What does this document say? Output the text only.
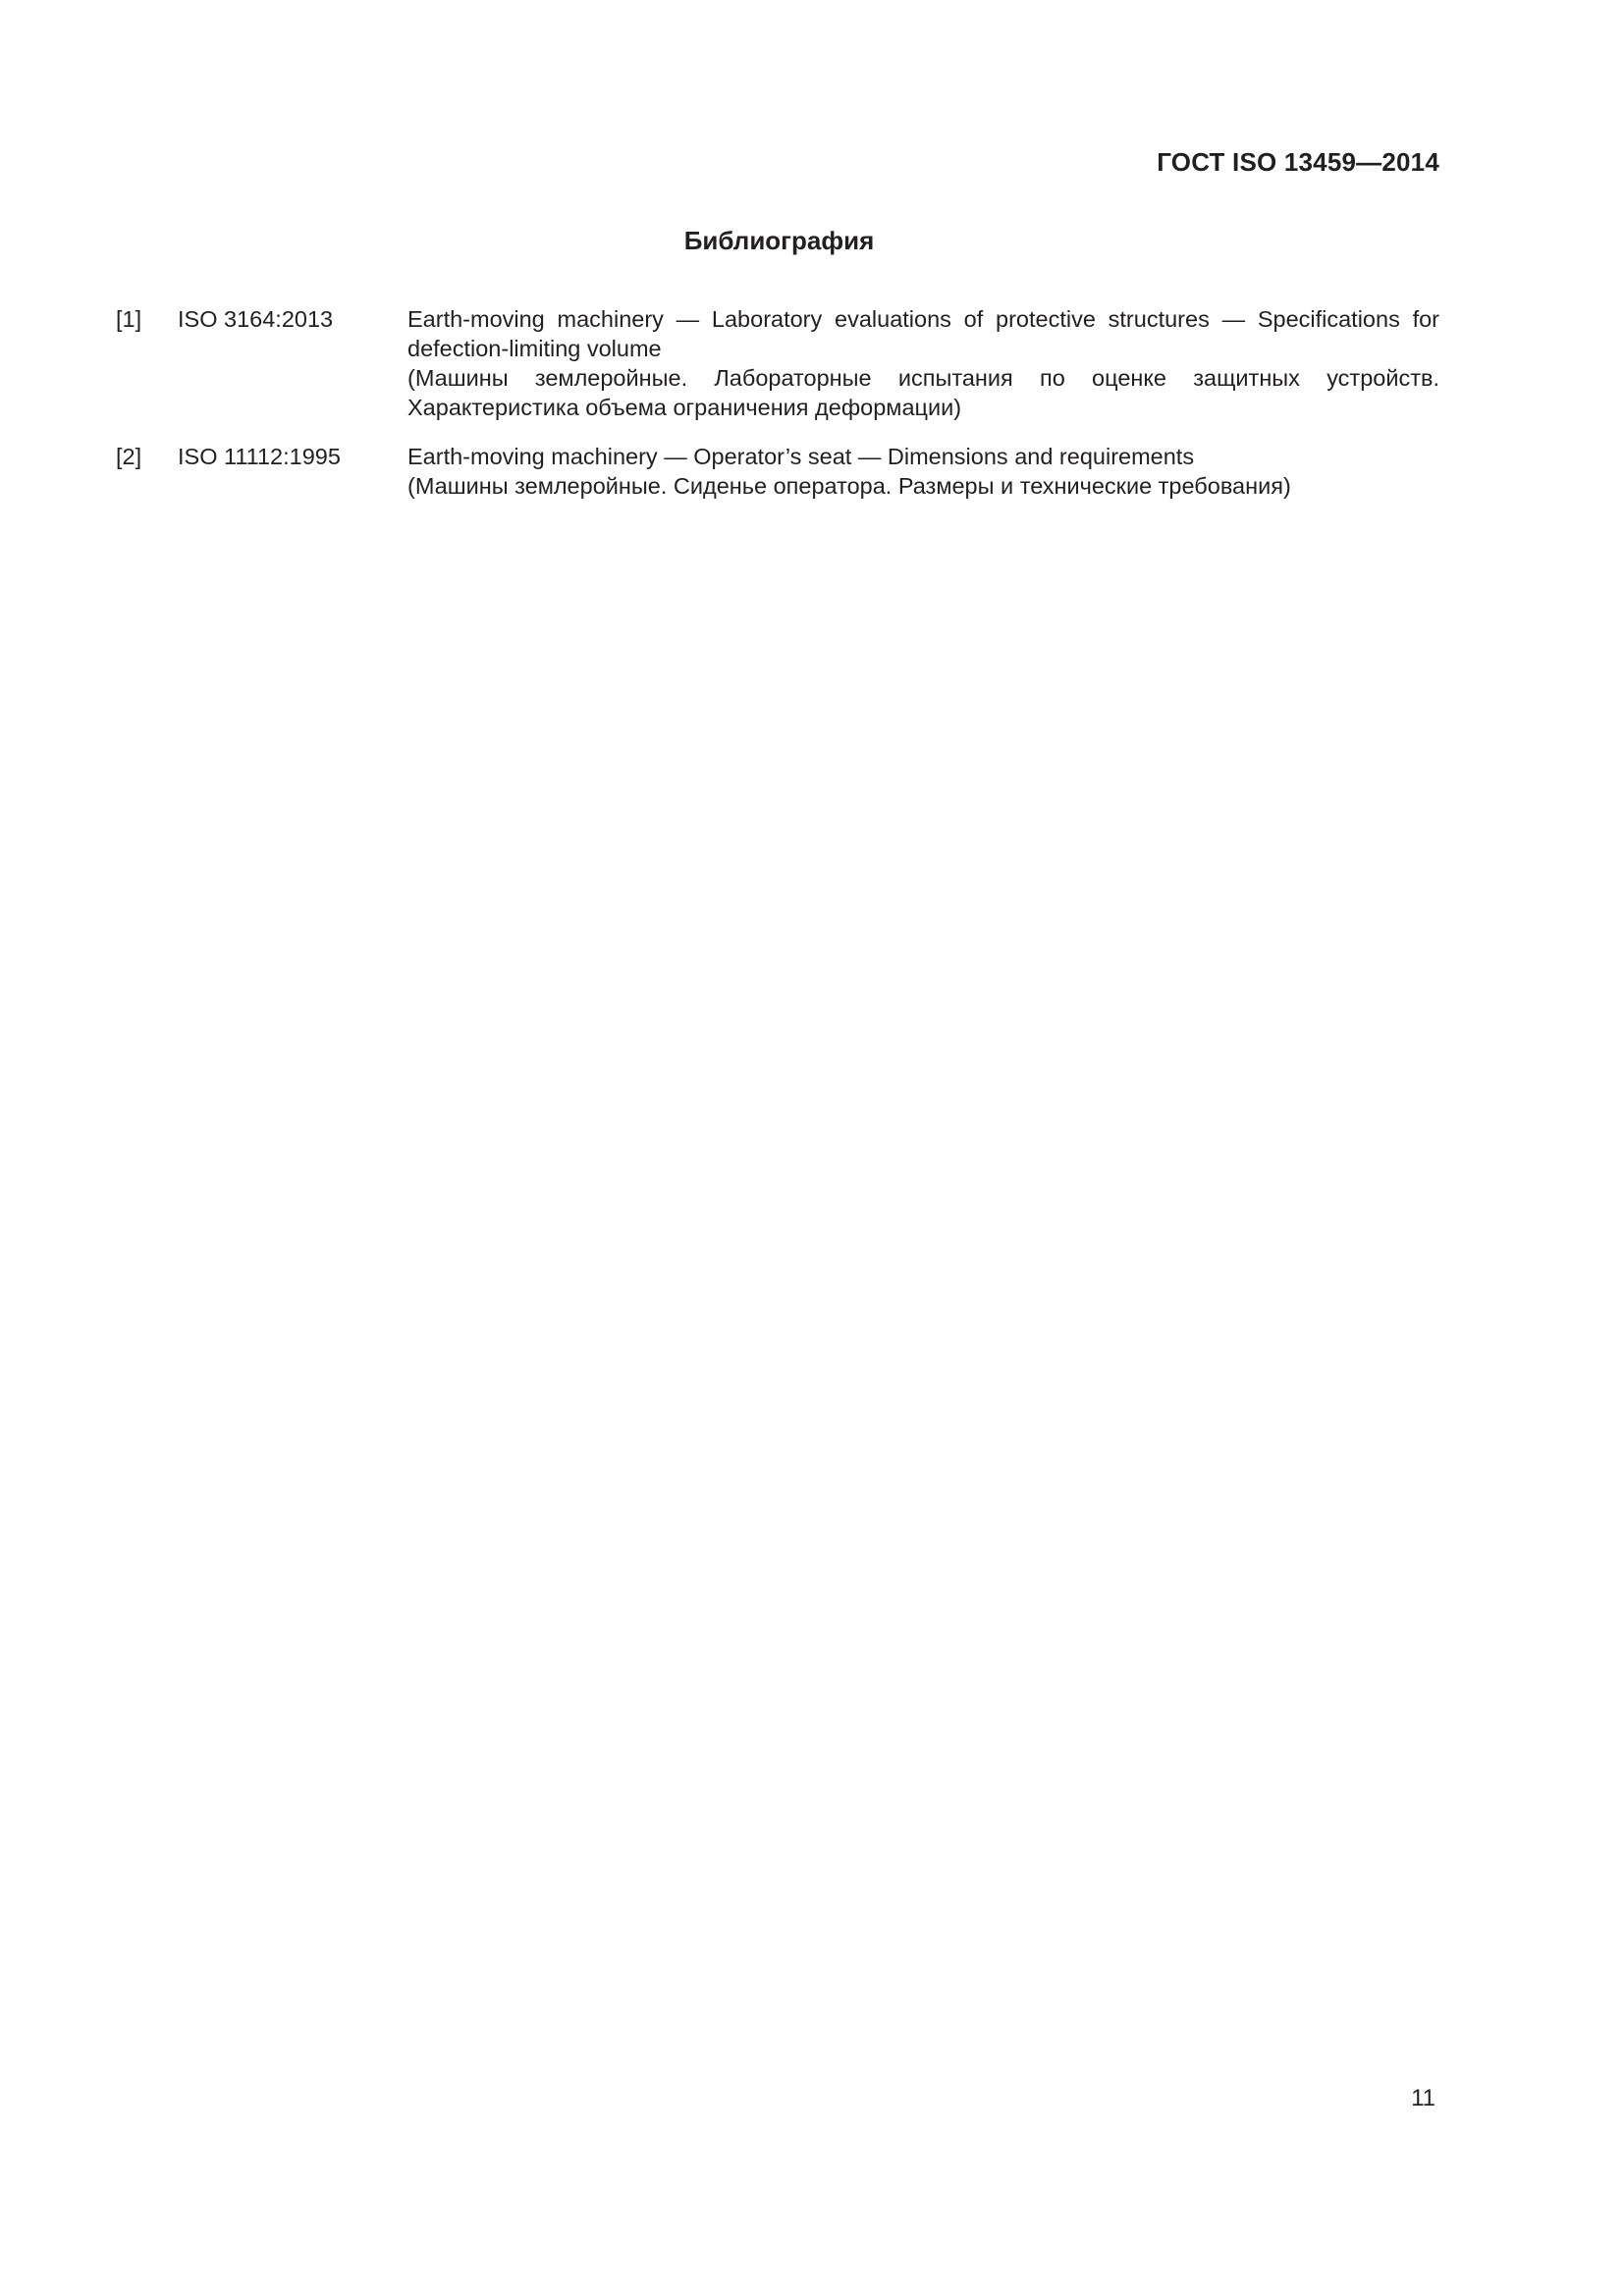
ГОСТ ISO 13459—2014
Библиография
[1]	ISO 3164:2013	Earth-moving machinery — Laboratory evaluations of protective structures — Specifications for defection-limiting volume
(Машины землеройные. Лабораторные испытания по оценке защитных устройств. Характеристика объема ограничения деформации)
[2]	ISO 11112:1995	Earth-moving machinery — Operator’s seat — Dimensions and requirements
(Машины землеройные. Сиденье оператора. Размеры и технические требования)
11
